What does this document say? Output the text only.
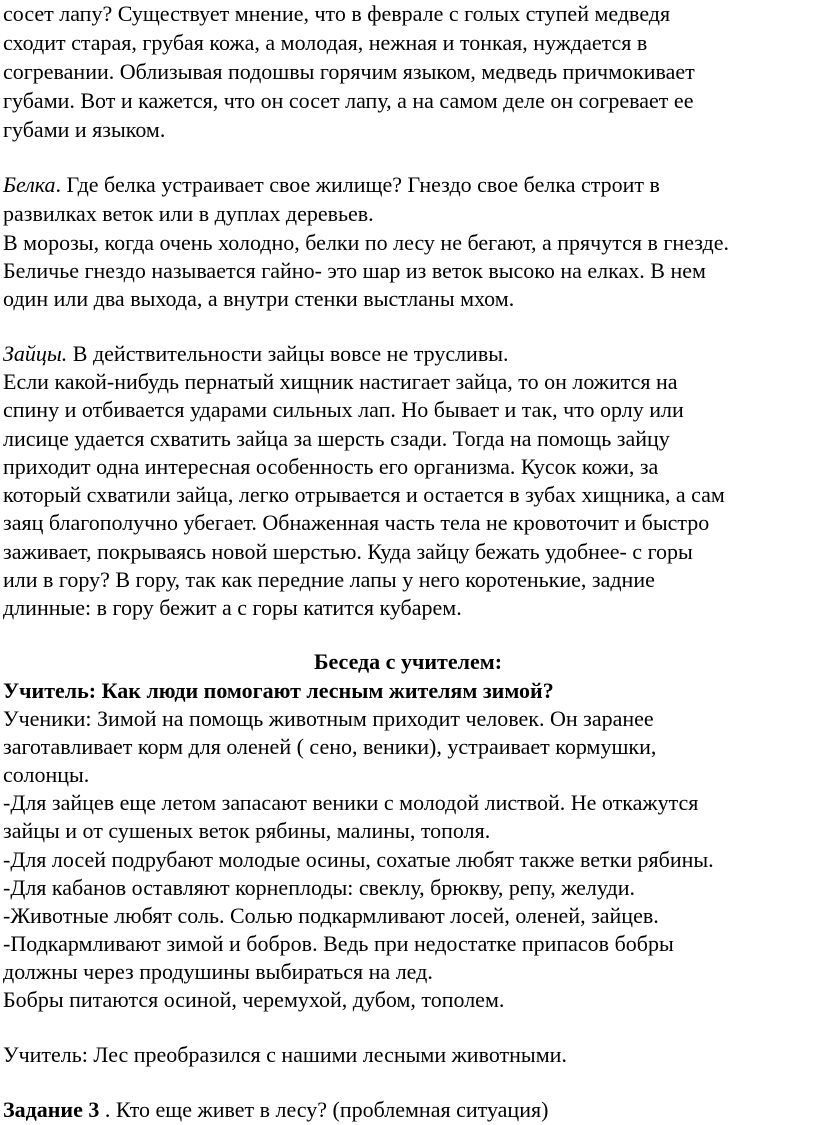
сосет лапу? Существует мнение, что в феврале с голых ступей медведя

сходит старая, грубая кожа, а молодая, нежная и тонкая, нуждается в

согревании. Облизывая подошвы горячим языком, медведь причмокивает

губами. Вот и кажется, что он сосет лапу, а на самом деле он согревает ее

губами и языком.

Белка. Где белка устраивает свое жилище? Гнездо свое белка строит в

развилках веток или в дуплах деревьев.

В морозы, когда очень холодно, белки по лесу не бегают, а прячутся в гнезде.

Беличье гнездо называется гайно- это шар из веток высоко на елках. В нем

один или два выхода, а внутри стенки выстланы мхом.

Зайцы. В действительности зайцы вовсе не трусливы.

Если какой-нибудь пернатый хищник настигает зайца, то он ложится на

спину и отбивается ударами сильных лап. Но бывает и так, что орлу или

лисице удается схватить зайца за шерсть сзади. Тогда на помощь зайцу

приходит одна интересная особенность его организма. Кусок кожи, за

который схватили зайца, легко отрывается и остается в зубах хищника, а сам

заяц благополучно убегает. Обнаженная часть тела не кровоточит и быстро

заживает, покрываясь новой шерстью. Куда зайцу бежать удобнее- с горы

или в гору? В гору, так как передние лапы у него коротенькие, задние

длинные: в гору бежит а с горы катится кубарем.

Беседа с учителем:

Учитель: Как люди помогают лесным жителям зимой?

Ученики: Зимой на помощь животным приходит человек. Он заранее

заготавливает корм для оленей ( сено, веники), устраивает кормушки,

солонцы.

-Для зайцев еще летом запасают веники с молодой листвой. Не откажутся

зайцы и от сушеных веток рябины, малины, тополя.

-Для лосей подрубают молодые осины, сохатые любят также ветки рябины.

-Для кабанов оставляют корнеплоды: свеклу, брюкву, репу, желуди.

-Животные любят соль. Солью подкармливают лосей, оленей, зайцев.

-Подкармливают зимой и бобров. Ведь при недостатке припасов бобры

должны через продушины выбираться на лед.

Бобры питаются осиной, черемухой, дубом, тополем.

Учитель: Лес преобразился с нашими лесными животными.

Задание 3 . Кто еще живет в лесу? (проблемная ситуация)
